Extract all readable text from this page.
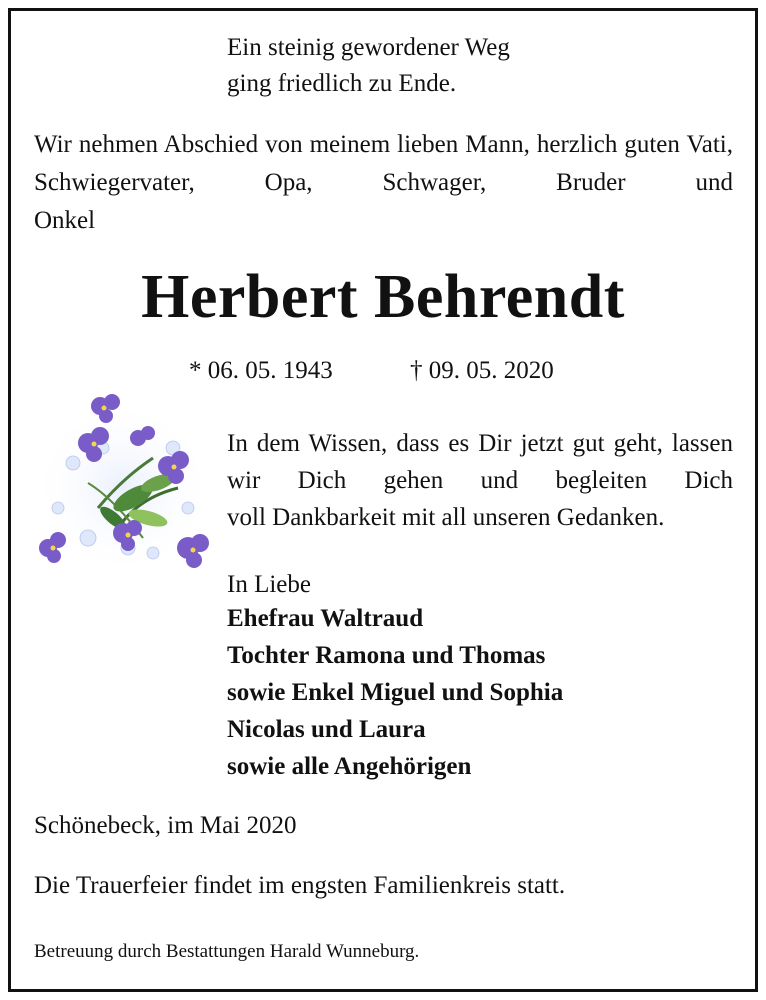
Ein steinig gewordener Weg
ging friedlich zu Ende.
Wir nehmen Abschied von meinem lieben Mann, herzlich guten Vati, Schwiegervater, Opa, Schwager, Bruder und
Onkel
Herbert Behrendt
* 06. 05. 1943	† 09. 05. 2020
In dem Wissen, dass es Dir jetzt gut geht, lassen wir Dich gehen und begleiten Dich
voll Dankbarkeit mit all unseren Gedanken.
In Liebe
Ehefrau Waltraud
Tochter Ramona und Thomas
sowie Enkel Miguel und Sophia
Nicolas und Laura
sowie alle Angehörigen
Schönebeck, im Mai 2020
Die Trauerfeier findet im engsten Familienkreis statt.
Betreuung durch Bestattungen Harald Wunneburg.
